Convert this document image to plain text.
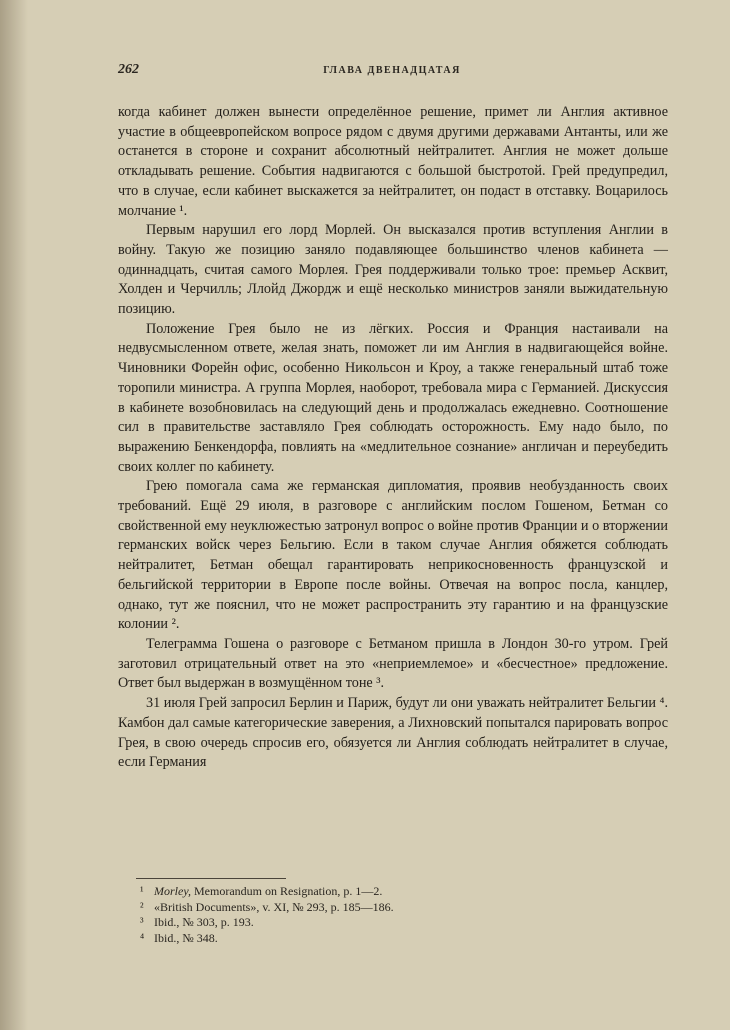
262	ГЛАВА ДВЕНАДЦАТАЯ

когда кабинет должен вынести определённое решение, примет ли Англия активное участие в общеевропейском вопросе рядом с двумя другими державами Антанты, или же останется в стороне и сохранит абсолютный нейтралитет. Англия не может дольше откладывать решение. События надвигаются с большой быстротой. Грей предупредил, что в случае, если кабинет выскажется за нейтралитет, он подаст в отставку. Воцарилось молчание ¹.

Первым нарушил его лорд Морлей. Он высказался против вступления Англии в войну. Такую же позицию заняло подавляющее большинство членов кабинета — одиннадцать, считая самого Морлея. Грея поддерживали только трое: премьер Асквит, Холден и Черчилль; Ллойд Джордж и ещё несколько министров заняли выжидательную позицию.

Положение Грея было не из лёгких. Россия и Франция настаивали на недвусмысленном ответе, желая знать, поможет ли им Англия в надвигающейся войне. Чиновники Форейн офис, особенно Никольсон и Кроу, а также генеральный штаб тоже торопили министра. А группа Морлея, наоборот, требовала мира с Германией. Дискуссия в кабинете возобновилась на следующий день и продолжалась ежедневно. Соотношение сил в правительстве заставляло Грея соблюдать осторожность. Ему надо было, по выражению Бенкендорфа, повлиять на «медлительное сознание» англичан и переубедить своих коллег по кабинету.

Грею помогала сама же германская дипломатия, проявив необузданность своих требований. Ещё 29 июля, в разговоре с английским послом Гошеном, Бетман со свойственной ему неуклюжестью затронул вопрос о войне против Франции и о вторжении германских войск через Бельгию. Если в таком случае Англия обяжется соблюдать нейтралитет, Бетман обещал гарантировать неприкосновенность французской и бельгийской территории в Европе после войны. Отвечая на вопрос посла, канцлер, однако, тут же пояснил, что не может распространить эту гарантию и на французские колонии ².

Телеграмма Гошена о разговоре с Бетманом пришла в Лондон 30-го утром. Грей заготовил отрицательный ответ на это «неприемлемое» и «бесчестное» предложение. Ответ был выдержан в возмущённом тоне ³.

31 июля Грей запросил Берлин и Париж, будут ли они уважать нейтралитет Бельгии ⁴. Камбон дал самые категорические заверения, а Лихновский попытался парировать вопрос Грея, в свою очередь спросив его, обязуется ли Англия соблюдать нейтралитет в случае, если Германия

¹ Morley, Memorandum on Resignation, p. 1—2.
² «British Documents», v. XI, № 293, p. 185—186.
³ Ibid., № 303, p. 193.
⁴ Ibid., № 348.
